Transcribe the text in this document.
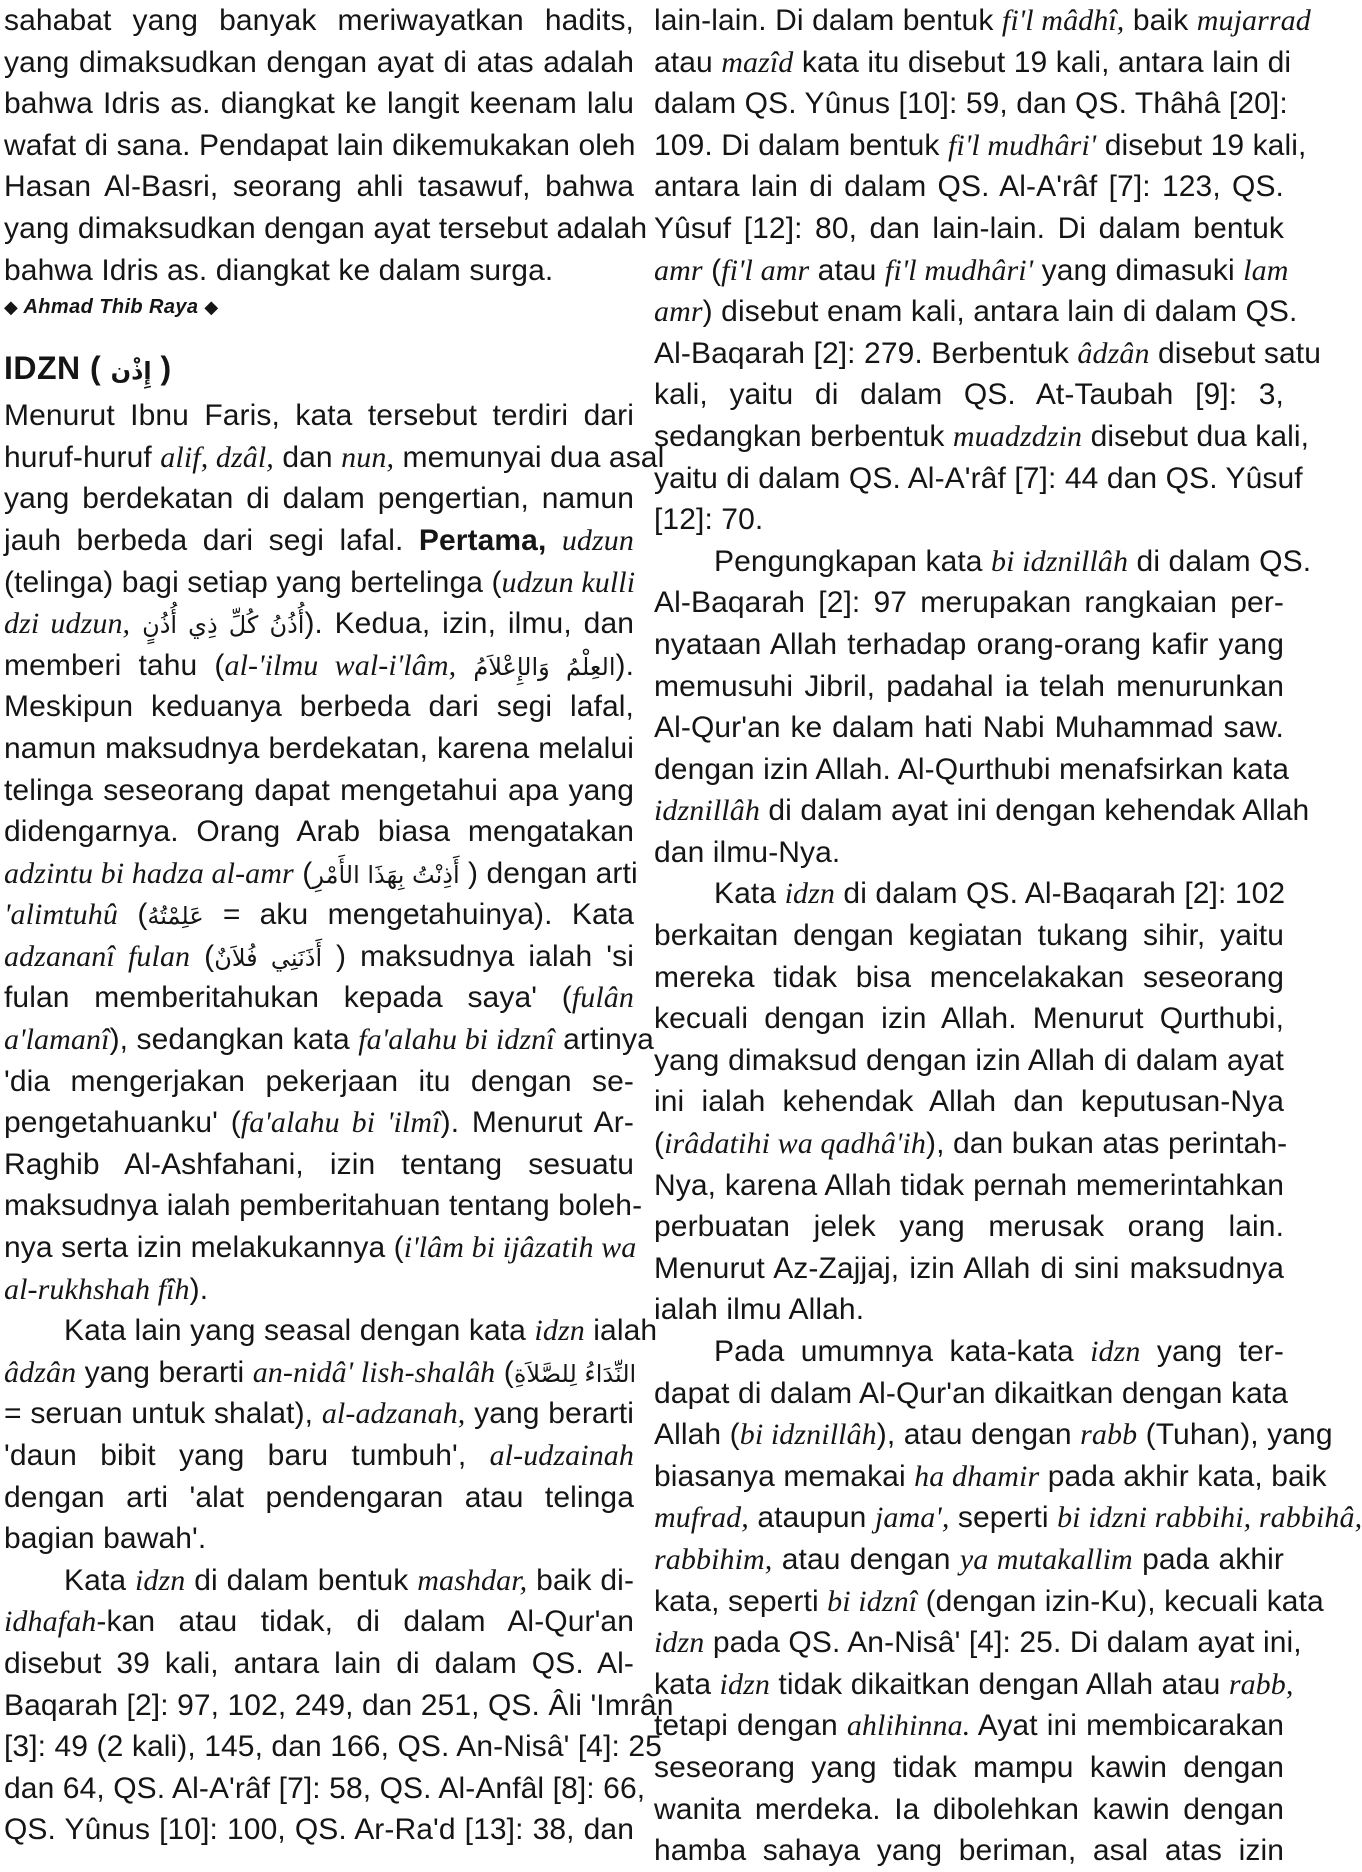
sahabat yang banyak meriwayatkan hadits,
yang dimaksudkan dengan ayat di atas adalah
bahwa Idris as. diangkat ke langit keenam lalu
wafat di sana. Pendapat lain dikemukakan oleh
Hasan Al-Basri, seorang ahli tasawuf, bahwa
yang dimaksudkan dengan ayat tersebut adalah
bahwa Idris as. diangkat ke dalam surga.
◆ Ahmad Thib Raya ◆
IDZN ( إِذْن )
Menurut Ibnu Faris, kata tersebut terdiri dari
huruf-huruf alif, dzâl, dan nun, memunyai dua asal
yang berdekatan di dalam pengertian, namun
jauh berbeda dari segi lafal. Pertama, udzun
(telinga) bagi setiap yang bertelinga (udzun kulli
dzi udzun, أُذُنُ كُلِّ ذِي أُذُنٍ). Kedua, izin, ilmu, dan
memberi tahu (al-'ilmu wal-i'lâm, العِلْمُ وَالإِعْلاَمُ).
Meskipun keduanya berbeda dari segi lafal,
namun maksudnya berdekatan, karena melalui
telinga seseorang dapat mengetahui apa yang
didengarnya. Orang Arab biasa mengatakan
adzintu bi hadza al-amr (أَذِنْتُ بِهَذَا الأَمْرِ ) dengan arti
'alimtuhû (عَلِمْتُهُ = aku mengetahuinya). Kata
adzananî fulan (أَذَنَنِي فُلاَنٌ ) maksudnya ialah 'si
fulan memberitahukan kepada saya' (fulân
a'lamanî), sedangkan kata fa'alahu bi idznî artinya
'dia mengerjakan pekerjaan itu dengan se-
pengetahuanku' (fa'alahu bi 'ilmî). Menurut Ar-
Raghib Al-Ashfahani, izin tentang sesuatu
maksudnya ialah pemberitahuan tentang boleh-
nya serta izin melakukannya (i'lâm bi ijâzatih wa
al-rukhshah fîh).
Kata lain yang seasal dengan kata idzn ialah
âdzân yang berarti an-nidâ' lish-shalâh (النِّدَاءُ لِلصَّلاَةِ
= seruan untuk shalat), al-adzanah, yang berarti
'daun bibit yang baru tumbuh', al-udzainah
dengan arti 'alat pendengaran atau telinga
bagian bawah'.
Kata idzn di dalam bentuk mashdar, baik di-
idhafah-kan atau tidak, di dalam Al-Qur'an
disebut 39 kali, antara lain di dalam QS. Al-
Baqarah [2]: 97, 102, 249, dan 251, QS. Âli 'Imrân
[3]: 49 (2 kali), 145, dan 166, QS. An-Nisâ' [4]: 25
dan 64, QS. Al-A'râf [7]: 58, QS. Al-Anfâl [8]: 66,
QS. Yûnus [10]: 100, QS. Ar-Ra'd [13]: 38, dan
lain-lain. Di dalam bentuk fi'l mâdhî, baik mujarrad
atau mazîd kata itu disebut 19 kali, antara lain di
dalam QS. Yûnus [10]: 59, dan QS. Thâhâ [20]:
109. Di dalam bentuk fi'l mudhâri' disebut 19 kali,
antara lain di dalam QS. Al-A'râf [7]: 123, QS.
Yûsuf [12]: 80, dan lain-lain. Di dalam bentuk
amr (fi'l amr atau fi'l mudhâri' yang dimasuki lam
amr) disebut enam kali, antara lain di dalam QS.
Al-Baqarah [2]: 279. Berbentuk âdzân disebut satu
kali, yaitu di dalam QS. At-Taubah [9]: 3,
sedangkan berbentuk muadzdzin disebut dua kali,
yaitu di dalam QS. Al-A'râf [7]: 44 dan QS. Yûsuf
[12]: 70.
Pengungkapan kata bi idznillâh di dalam QS.
Al-Baqarah [2]: 97 merupakan rangkaian per-
nyataan Allah terhadap orang-orang kafir yang
memusuhi Jibril, padahal ia telah menurunkan
Al-Qur'an ke dalam hati Nabi Muhammad saw.
dengan izin Allah. Al-Qurthubi menafsirkan kata
idznillâh di dalam ayat ini dengan kehendak Allah
dan ilmu-Nya.
Kata idzn di dalam QS. Al-Baqarah [2]: 102
berkaitan dengan kegiatan tukang sihir, yaitu
mereka tidak bisa mencelakakan seseorang
kecuali dengan izin Allah. Menurut Qurthubi,
yang dimaksud dengan izin Allah di dalam ayat
ini ialah kehendak Allah dan keputusan-Nya
(irâdatihi wa qadhâ'ih), dan bukan atas perintah-
Nya, karena Allah tidak pernah memerintahkan
perbuatan jelek yang merusak orang lain.
Menurut Az-Zajjaj, izin Allah di sini maksudnya
ialah ilmu Allah.
Pada umumnya kata-kata idzn yang ter-
dapat di dalam Al-Qur'an dikaitkan dengan kata
Allah (bi idznillâh), atau dengan rabb (Tuhan), yang
biasanya memakai ha dhamir pada akhir kata, baik
mufrad, ataupun jama', seperti bi idzni rabbihi, rabbihâ,
rabbihim, atau dengan ya mutakallim pada akhir
kata, seperti bi idznî (dengan izin-Ku), kecuali kata
idzn pada QS. An-Nisâ' [4]: 25. Di dalam ayat ini,
kata idzn tidak dikaitkan dengan Allah atau rabb,
tetapi dengan ahlihinna. Ayat ini membicarakan
seseorang yang tidak mampu kawin dengan
wanita merdeka. Ia dibolehkan kawin dengan
hamba sahaya yang beriman, asal atas izin
